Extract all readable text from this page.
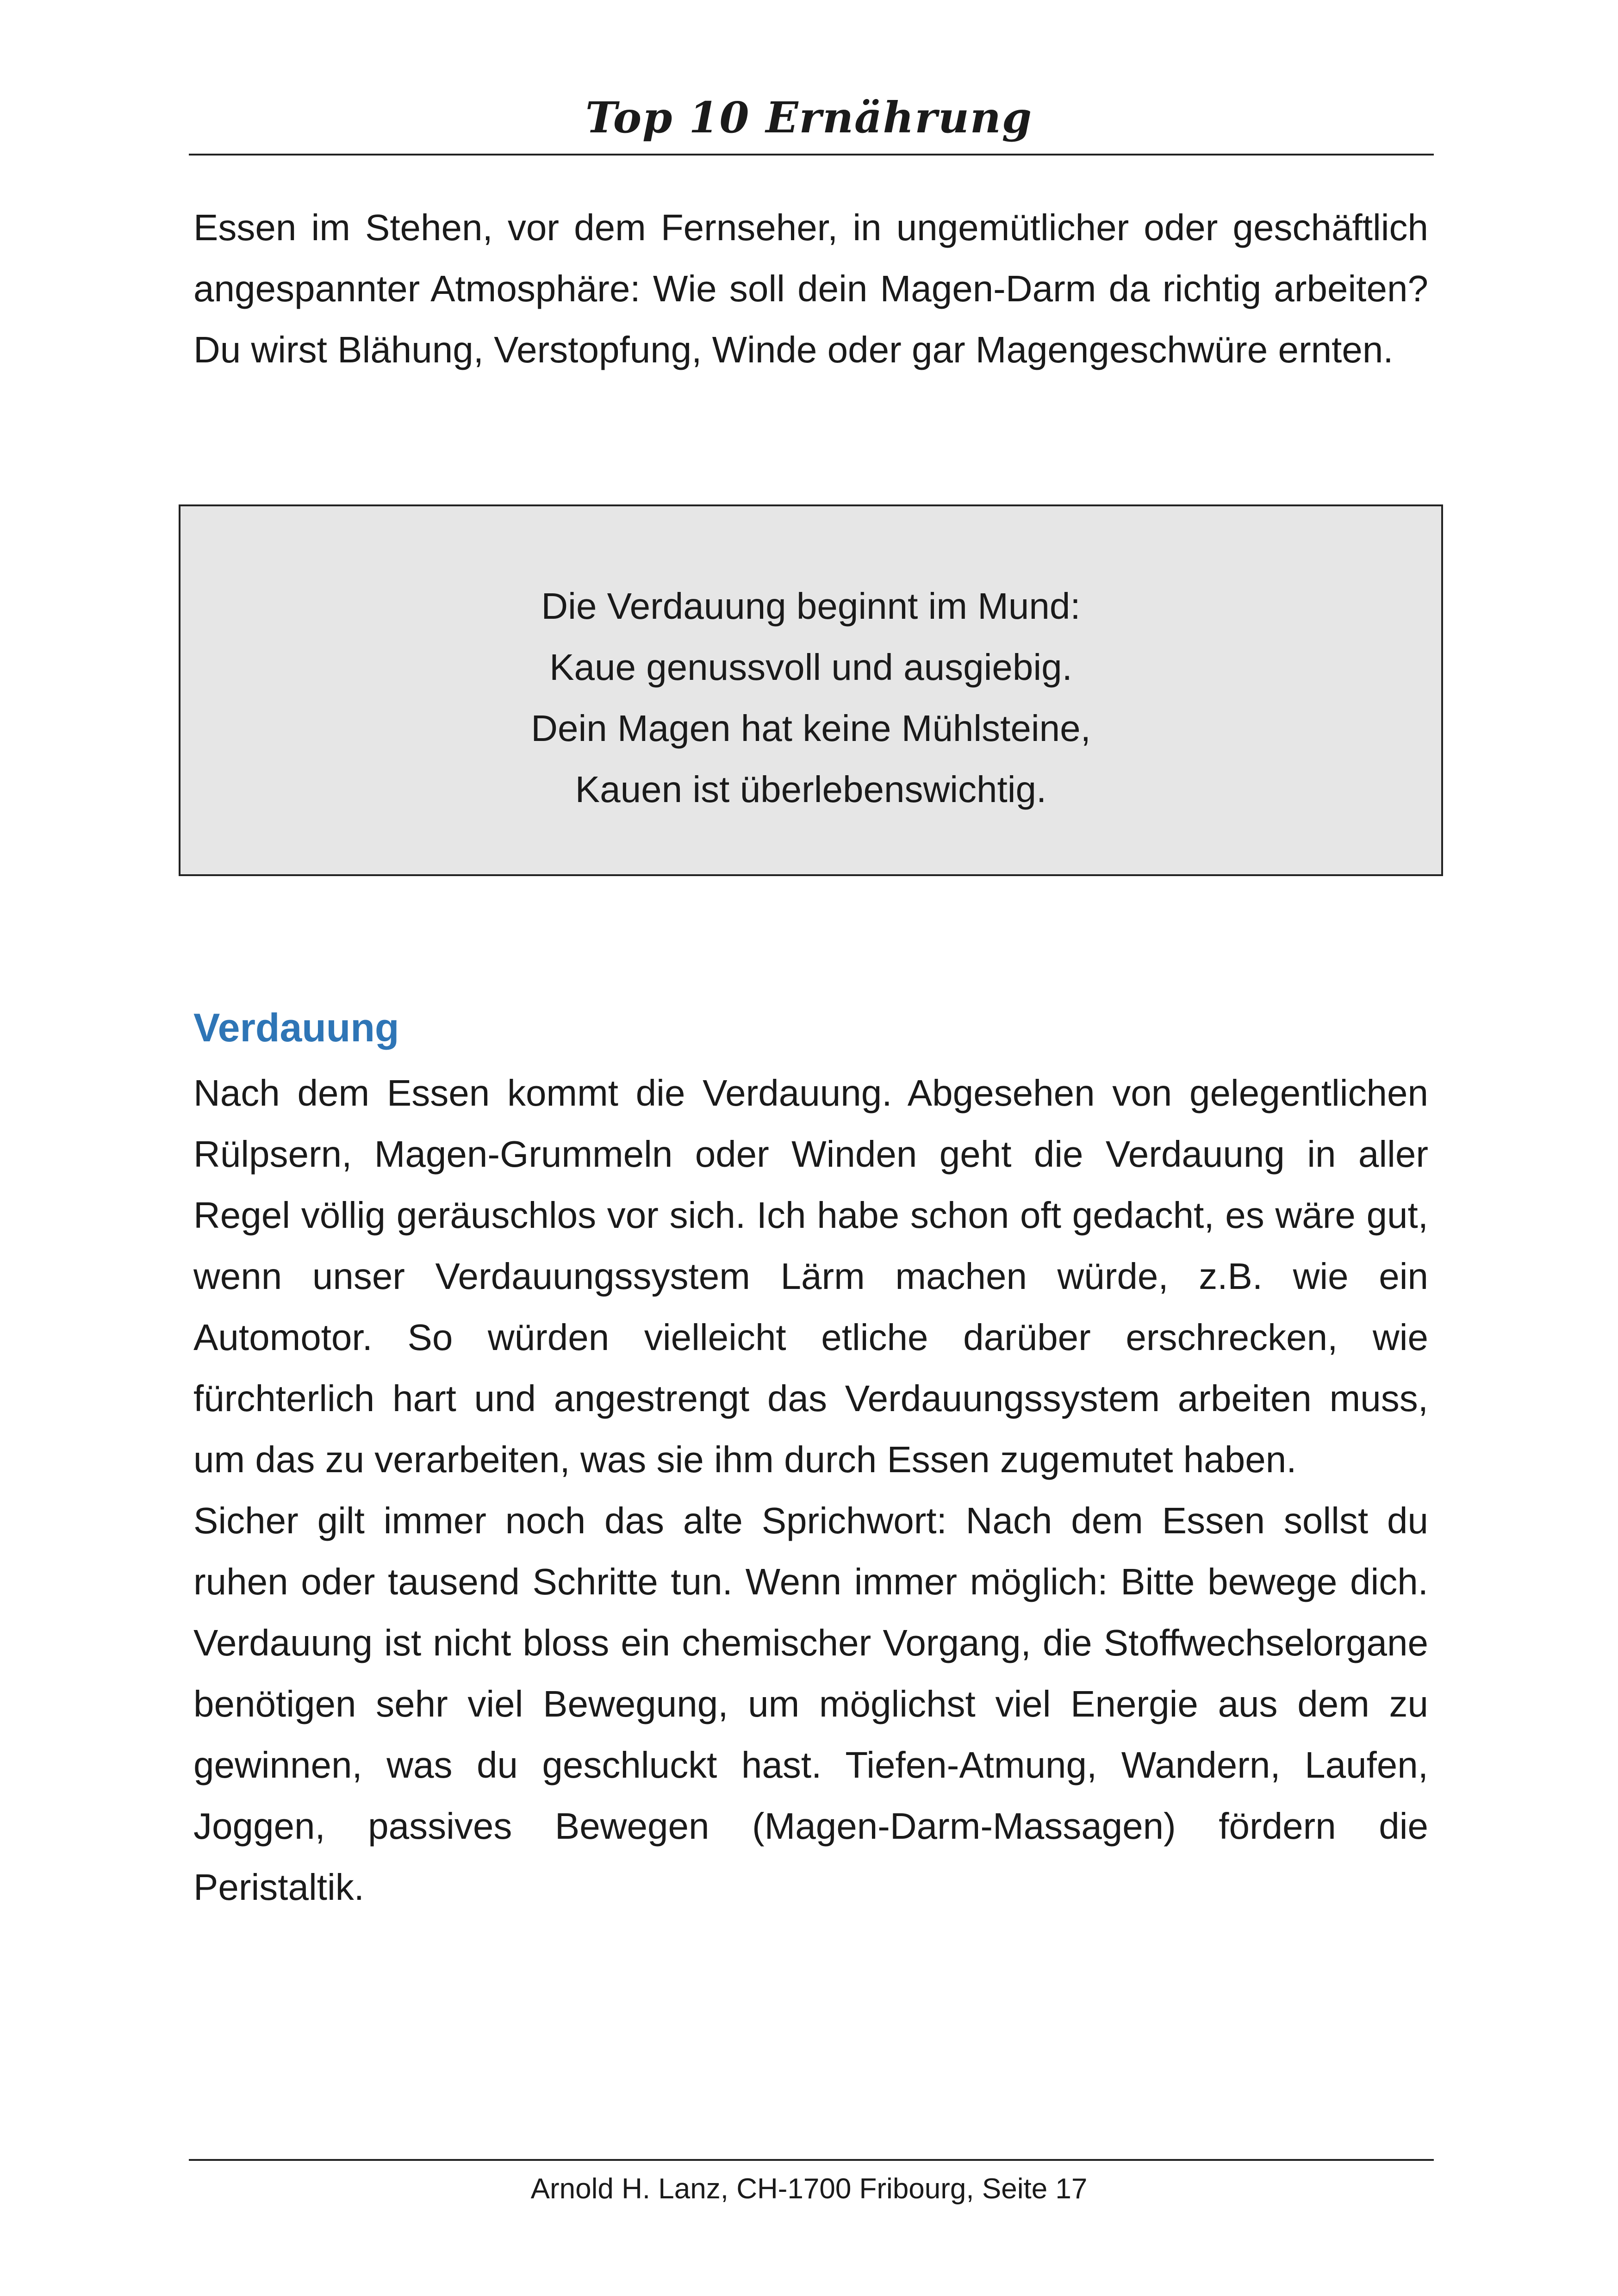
Top 10 Ernährung

Essen im Stehen, vor dem Fernseher, in ungemütlicher oder geschäftlich angespannter Atmosphäre: Wie soll dein Magen-Darm da richtig arbeiten? Du wirst Blähung, Verstopfung, Winde oder gar Magengeschwüre ernten.

Die Verdauung beginnt im Mund:
Kaue genussvoll und ausgiebig.
Dein Magen hat keine Mühlsteine,
Kauen ist überlebenswichtig.
Verdauung

Nach dem Essen kommt die Verdauung. Abgesehen von gelegentlichen Rülpsern, Magen-Grummeln oder Winden geht die Verdauung in aller Regel völlig geräuschlos vor sich. Ich habe schon oft gedacht, es wäre gut, wenn unser Verdauungssystem Lärm machen würde, z.B. wie ein Automotor. So würden vielleicht etliche darüber erschrecken, wie fürchterlich hart und angestrengt das Verdauungssystem arbeiten muss, um das zu verarbeiten, was sie ihm durch Essen zugemutet haben.

Sicher gilt immer noch das alte Sprichwort: Nach dem Essen sollst du ruhen oder tausend Schritte tun. Wenn immer möglich: Bitte bewege dich. Verdauung ist nicht bloss ein chemischer Vorgang, die Stoffwechselorgane benötigen sehr viel Bewegung, um möglichst viel Energie aus dem zu gewinnen, was du geschluckt hast. Tiefen-Atmung, Wandern, Laufen, Joggen, passives Bewegen (Magen-Darm-Massagen) fördern die Peristaltik.

Arnold H. Lanz, CH-1700 Fribourg, Seite 17
